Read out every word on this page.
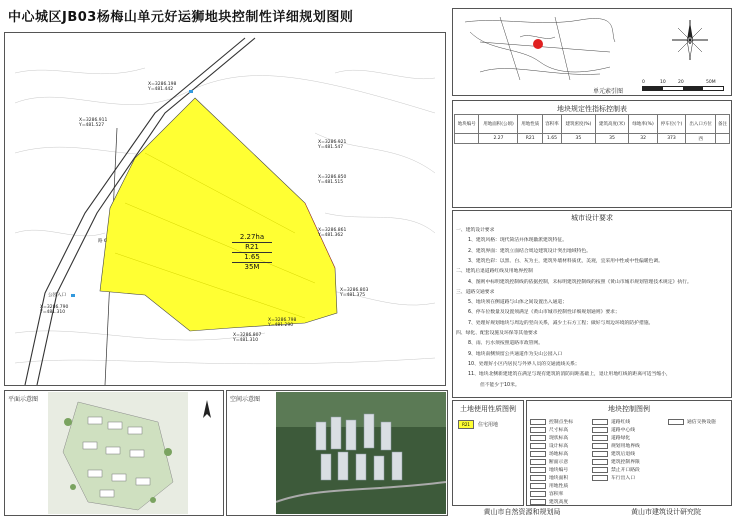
中心城区JB03杨梅山单元好运狮地块控制性详细规划图则
2.27ha
R21
1.65
35M
X=3286.198
Y=481.442
X=3286.911
Y=481.527
X=3286.921
Y=481.547
X=3286.850
Y=481.515
X=3286.861
Y=481.362
X=3286.803
Y=481.375
X=3286.807
Y=481.310
X=3286.798
Y=481.290
X=3286.790
Y=481.310
路 6
公园入口
单元索引图
0	10	20	50M
地块规定性指标控制表
地块编号	用地面积(公顷)	用地性质	容积率	建筑密度(%)	建筑高度(米)	绿地率(%)	停车位(个)	出入口方位	备注
	2.27	R21	1.65	35	35	32	373	西	
城市设计要求
一、建筑设计要求
1、建筑风格：现代简洁并体现徽派建筑特征。
2、建筑界面：建筑立面结合周边建筑设计突出地域特色。
3、建筑色彩：以黑、白、灰为主，建筑外墙材料质优，美观，宜采用中性或中性偏暖色调。
二、建筑后退道路红线及用地界控制
4、图则中标明建筑控制线的依据控制，未标明建筑控制线的按照《黄山市城市规划管理技术规定》执行。
三、道路交通要求
5、地块须在侧道路与山体之间设置出入通道；
6、停车位数量及设置须满足《黄山市城市控制性详细规划通则》要求；
7、处理好规划地块与周边的竖向关系，减少土石方工程；做好与周边环境的防护措施。
四、绿化、配套设施及环保等其他要求
8、雨、污水须按照道路市政管网。
9、地块南侧预留公共通道作为尖山公园入口
10、处理好小区内居民与外界人员的交通流线关系；
11、地块北侧新建建筑在满足与现有建筑的消防间距基础上，退让用地红线的距离可适当缩小，
但不能少于10米。
土地使用性质图例
R21	住宅用地
地块控制图例
控制点坐标
尺寸标高
现状标高
设计标高
场地标高
断面示意
地块编号
地块面积
用地性质
容积率
建筑高度
道路红线
道路中心线
道路绿化
规划用地界线
建筑后退线
建筑控制界限
禁止开口路段
车行出入口
通信交换设施
平面示意图	空间示意图
黄山市自然资源和规划局	黄山市建筑设计研究院
